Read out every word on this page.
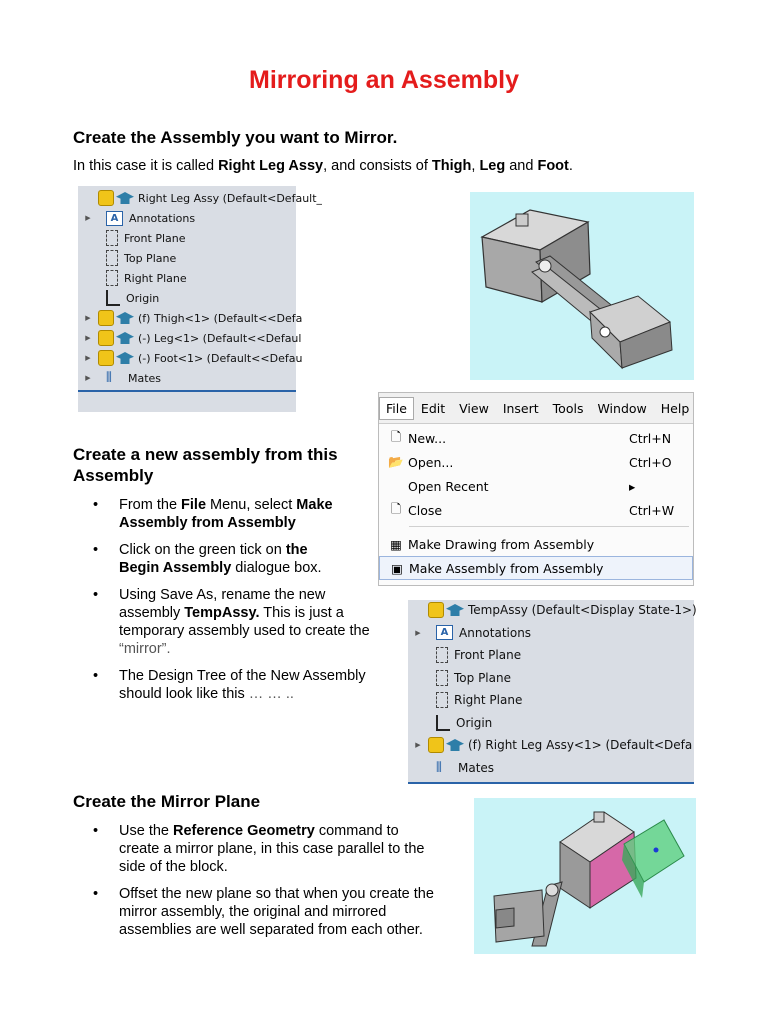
Mirroring an Assembly
Create the Assembly you want to Mirror.
In this case it is called Right Leg Assy, and consists of Thigh, Leg and Foot.
Right Leg Assy (Default<Default_
▶	A Annotations
Front Plane
Top Plane
Right Plane
Origin
▶	(f) Thigh<1> (Default<<Defa
▶	(-) Leg<1> (Default<<Defaul
▶	(-) Foot<1> (Default<<Defau
▶ ⫴	Mates
File	Edit	View	Insert	Tools	Window	Help
🗋 New...	Ctrl+N
📂 Open...	Ctrl+O
Open Recent	▸
🗋 Close	Ctrl+W
▦ Make Drawing from Assembly
▣ Make Assembly from Assembly
Create a new assembly from this
Assembly
• From the File Menu, select Make
Assembly from Assembly
• Click on the green tick on the
Begin Assembly dialogue box.
• Using Save As, rename the new
assembly TempAssy. This is just a
temporary assembly used to create the
“mirror”.
• The Design Tree of the New Assembly
should look like this … … ..
TempAssy (Default<Display State-1>)
▶	A Annotations
Front Plane
Top Plane
Right Plane
Origin
▶	(f) Right Leg Assy<1> (Default<Defa
⫴	Mates
Create the Mirror Plane
• Use the Reference Geometry command to
create a mirror plane, in this case parallel to the
side of the block.
• Offset the new plane so that when you create the
mirror assembly, the original and mirrored
assemblies are well separated from each other.
